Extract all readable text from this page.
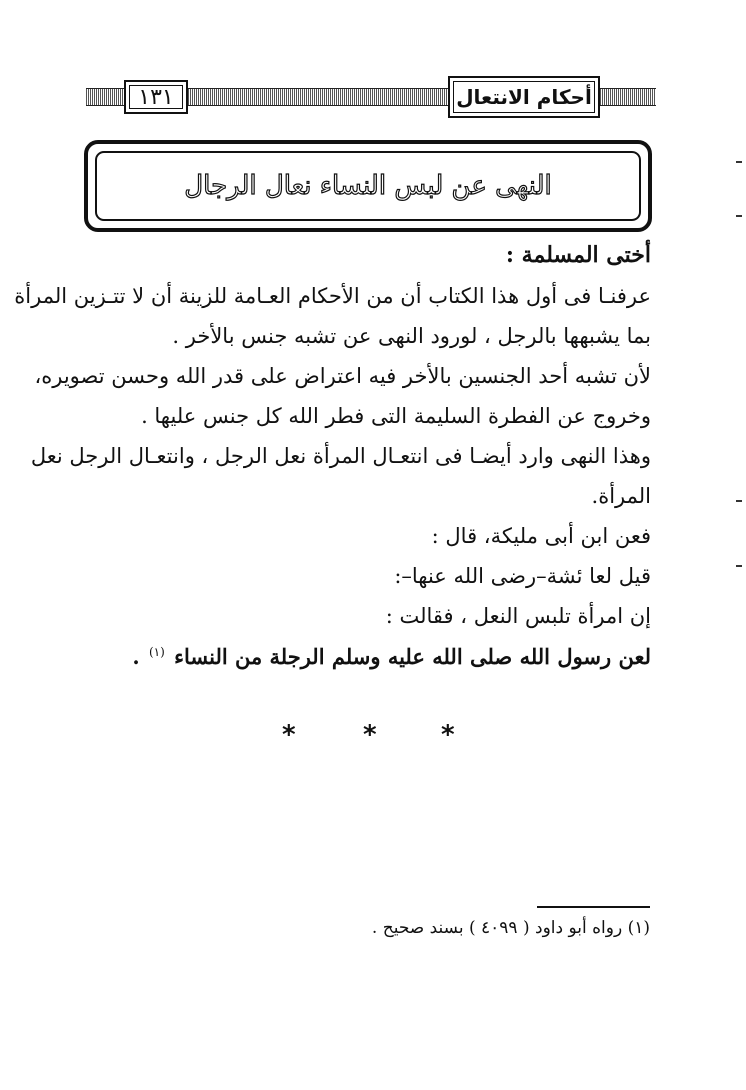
١٣١	أحكام الانتعال
النهى عن لبس النساء نعال الرجال
أختى المسلمة :
عرفنـا فى أول هذا الكتاب أن من الأحكام العـامة للزينة أن لا تتـزين المرأة
بما يشبهها بالرجل ، لورود النهى عن تشبه جنس بالأخر .
لأن تشبه أحد الجنسين بالأخر فيه اعتراض على قدر الله وحسن تصويره،
وخروج عن الفطرة السليمة التى فطر الله كل جنس عليها .
وهذا النهى وارد أيضـا فى انتعـال المرأة نعل الرجل ، وانتعـال الرجل نعل
المرأة.
فعن ابن أبى مليكة، قال :
قيل لعا ئشة–رضى الله عنها–:
إن امرأة تلبس النعل ، فقالت :
لعن رسول الله صلى الله عليه وسلم الرجلة من النساء $^{(١)}$ .
*	* *
(١) رواه أبو داود ( ٤٠٩٩ ) بسند صحيح .
